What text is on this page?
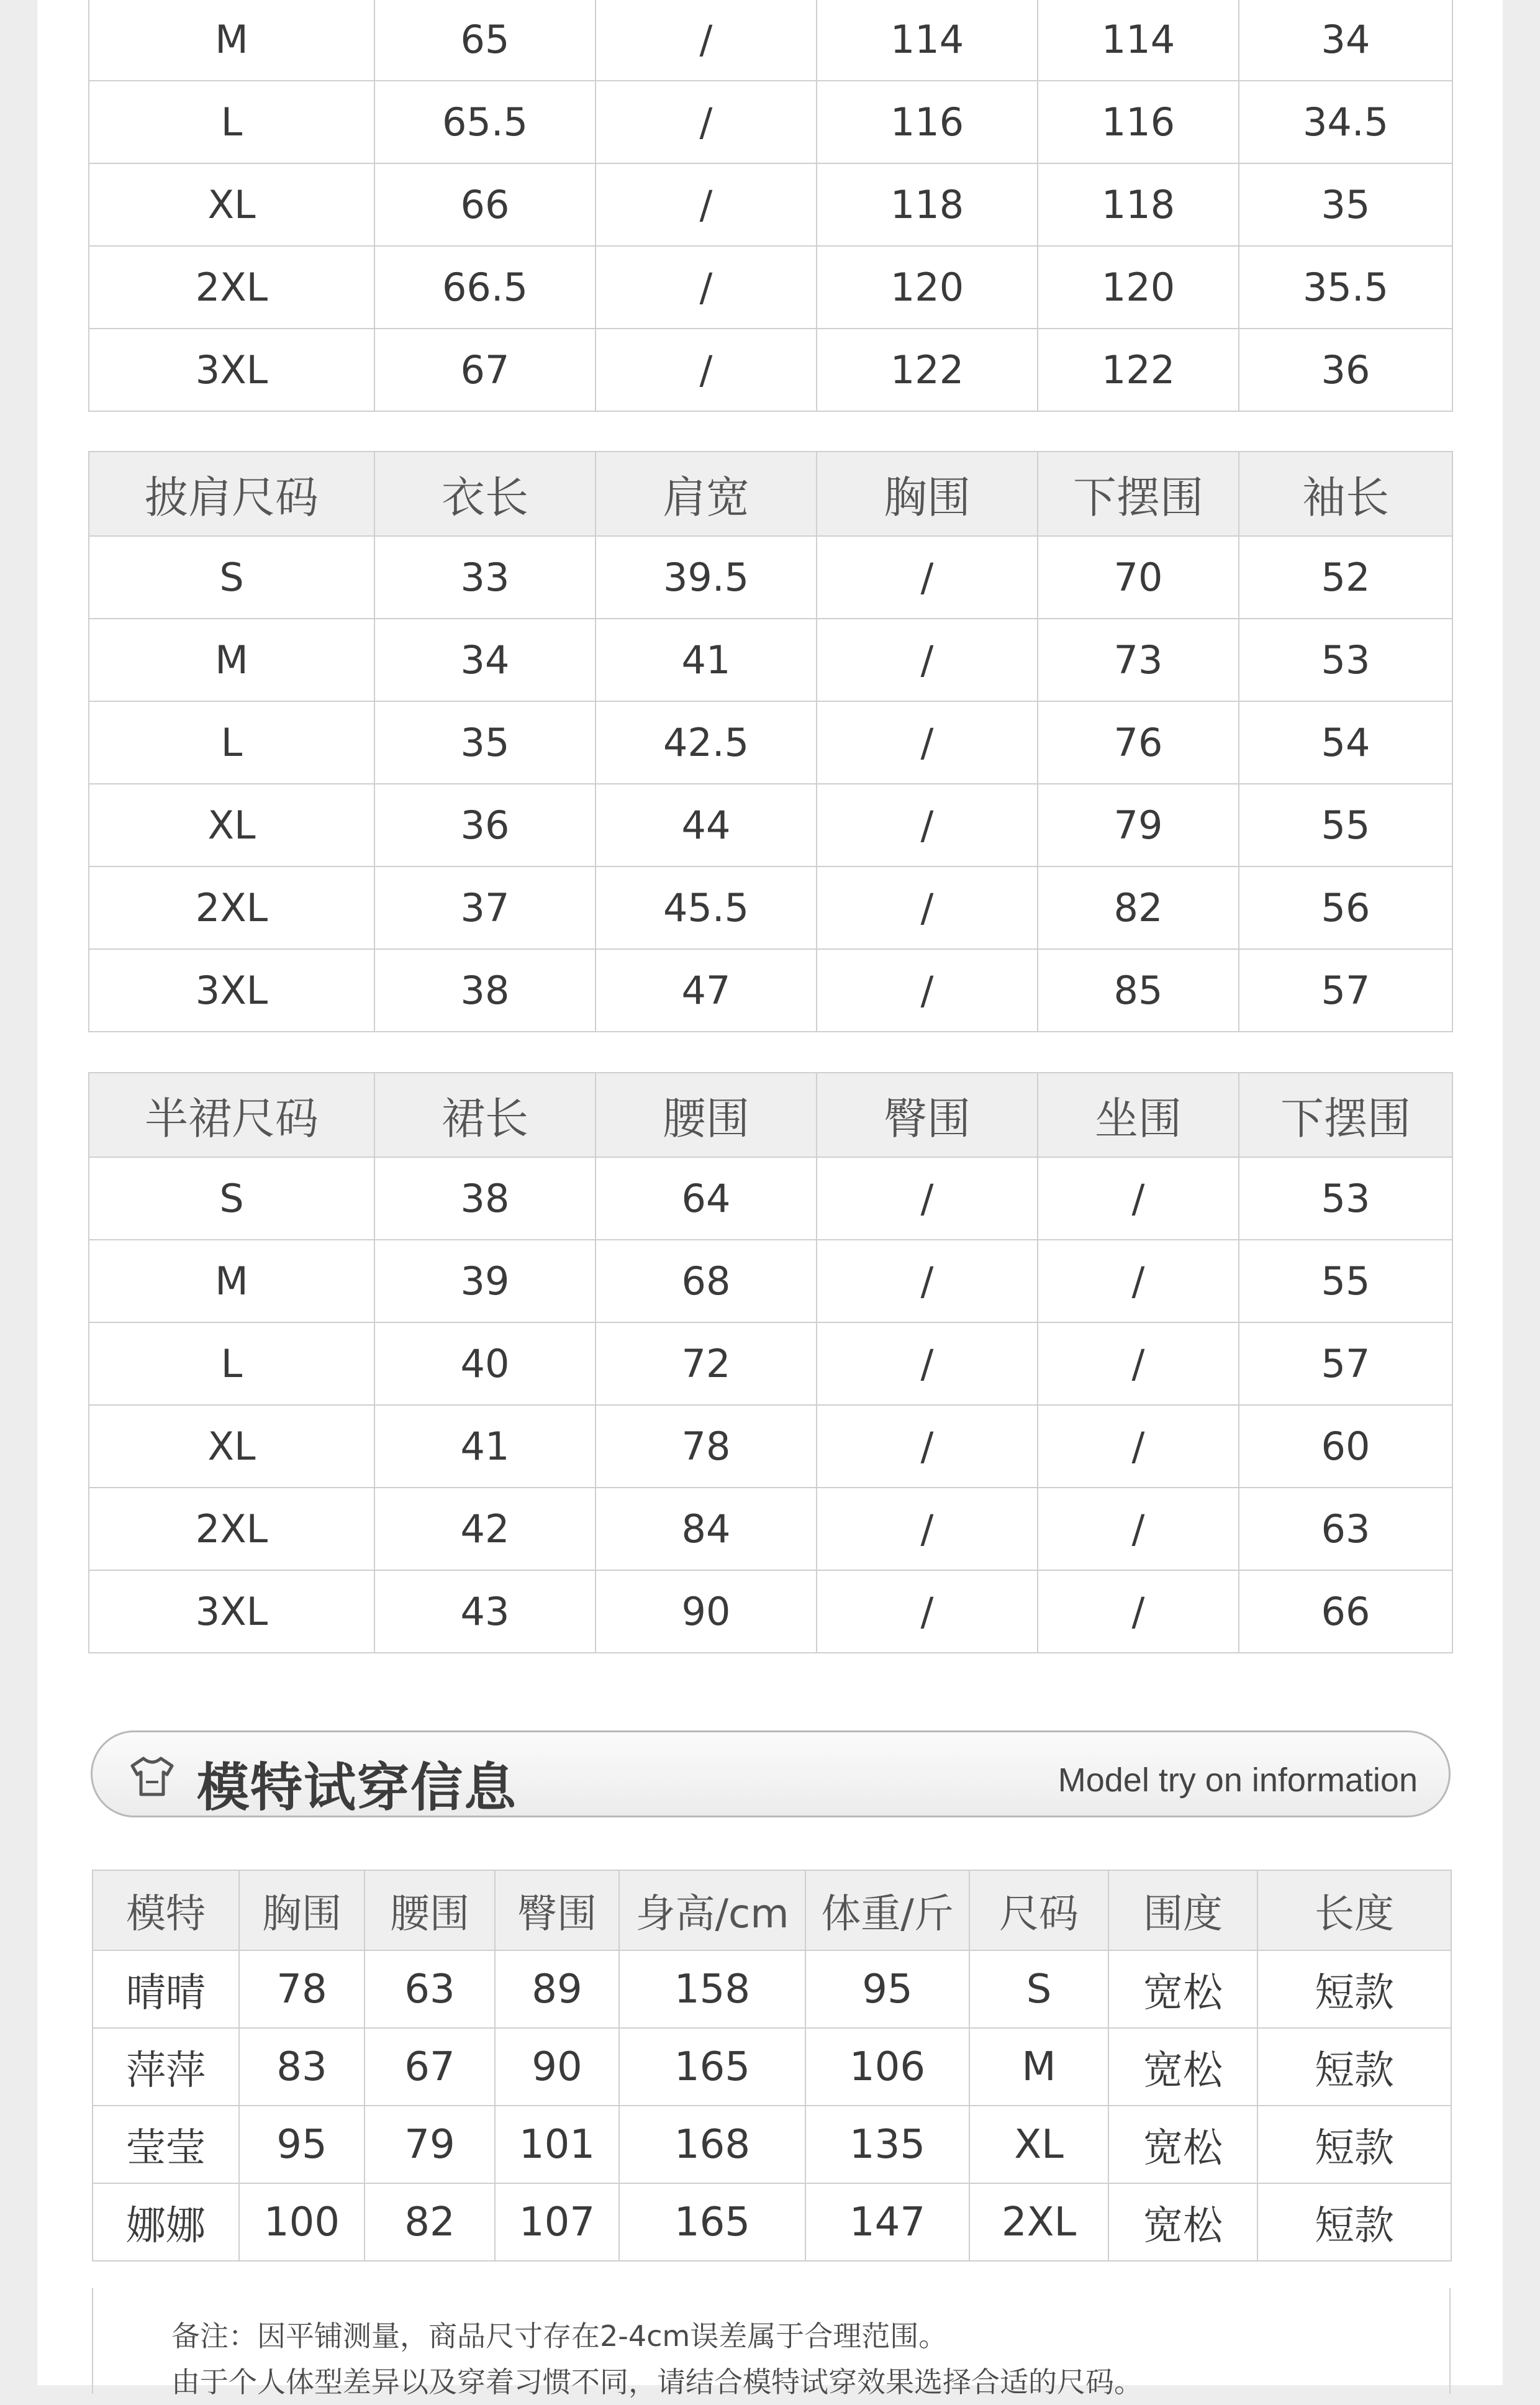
M	65	/	114	114	34
L	65.5	/	116	116	34.5
XL	66	/	118	118	35
2XL	66.5	/	120	120	35.5
3XL	67	/	122	122	36
披肩尺码	衣长	肩宽	胸围	下摆围	袖长
S	33	39.5	/	70	52
M	34	41	/	73	53
L	35	42.5	/	76	54
XL	36	44	/	79	55
2XL	37	45.5	/	82	56
3XL	38	47	/	85	57
半裙尺码	裙长	腰围	臀围	坐围	下摆围
S	38	64	/	/	53
M	39	68	/	/	55
L	40	72	/	/	57
XL	41	78	/	/	60
2XL	42	84	/	/	63
3XL	43	90	/	/	66
模特试穿信息	Model try on information
模特	胸围	腰围	臀围	身高/cm	体重/斤	尺码	围度	长度
晴晴	78	63	89	158	95	S	宽松	短款
萍萍	83	67	90	165	106	M	宽松	短款
莹莹	95	79	101	168	135	XL	宽松	短款
娜娜	100	82	107	165	147	2XL	宽松	短款
备注：因平铺测量，商品尺寸存在2-4cm误差属于合理范围。
由于个人体型差异以及穿着习惯不同，请结合模特试穿效果选择合适的尺码。
